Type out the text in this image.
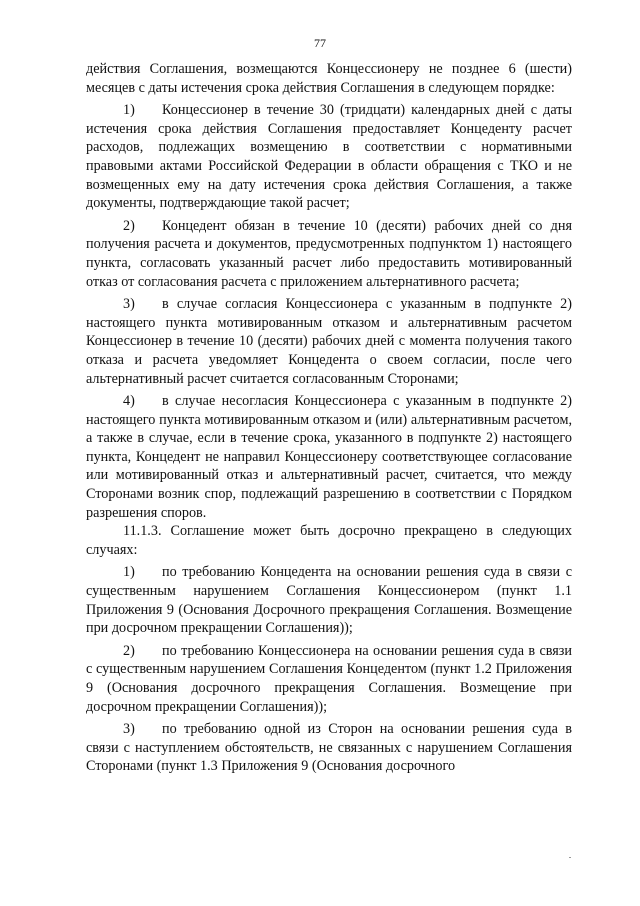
77

действия Соглашения, возмещаются Концессионеру не позднее 6 (шести) месяцев с даты истечения срока действия Соглашения в следующем порядке:

1) Концессионер в течение 30 (тридцати) календарных дней с даты истечения срока действия Соглашения предоставляет Концеденту расчет расходов, подлежащих возмещению в соответствии с нормативными правовыми актами Российской Федерации в области обращения с ТКО и не возмещенных ему на дату истечения срока действия Соглашения, а также документы, подтверждающие такой расчет;

2) Концедент обязан в течение 10 (десяти) рабочих дней со дня получения расчета и документов, предусмотренных подпунктом 1) настоящего пункта, согласовать указанный расчет либо предоставить мотивированный отказ от согласования расчета с приложением альтернативного расчета;

3) в случае согласия Концессионера с указанным в подпункте 2) настоящего пункта мотивированным отказом и альтернативным расчетом Концессионер в течение 10 (десяти) рабочих дней с момента получения такого отказа и расчета уведомляет Концедента о своем согласии, после чего альтернативный расчет считается согласованным Сторонами;

4) в случае несогласия Концессионера с указанным в подпункте 2) настоящего пункта мотивированным отказом и (или) альтернативным расчетом, а также в случае, если в течение срока, указанного в подпункте 2) настоящего пункта, Концедент не направил Концессионеру соответствующее согласование или мотивированный отказ и альтернативный расчет, считается, что между Сторонами возник спор, подлежащий разрешению в соответствии с Порядком разрешения споров.

11.1.3. Соглашение может быть досрочно прекращено в следующих случаях:

1) по требованию Концедента на основании решения суда в связи с существенным нарушением Соглашения Концессионером (пункт 1.1 Приложения 9 (Основания Досрочного прекращения Соглашения. Возмещение при досрочном прекращении Соглашения));

2) по требованию Концессионера на основании решения суда в связи с существенным нарушением Соглашения Концедентом (пункт 1.2 Приложения 9 (Основания досрочного прекращения Соглашения. Возмещение при досрочном прекращении Соглашения));

3) по требованию одной из Сторон на основании решения суда в связи с наступлением обстоятельств, не связанных с нарушением Соглашения Сторонами (пункт 1.3 Приложения 9 (Основания досрочного
